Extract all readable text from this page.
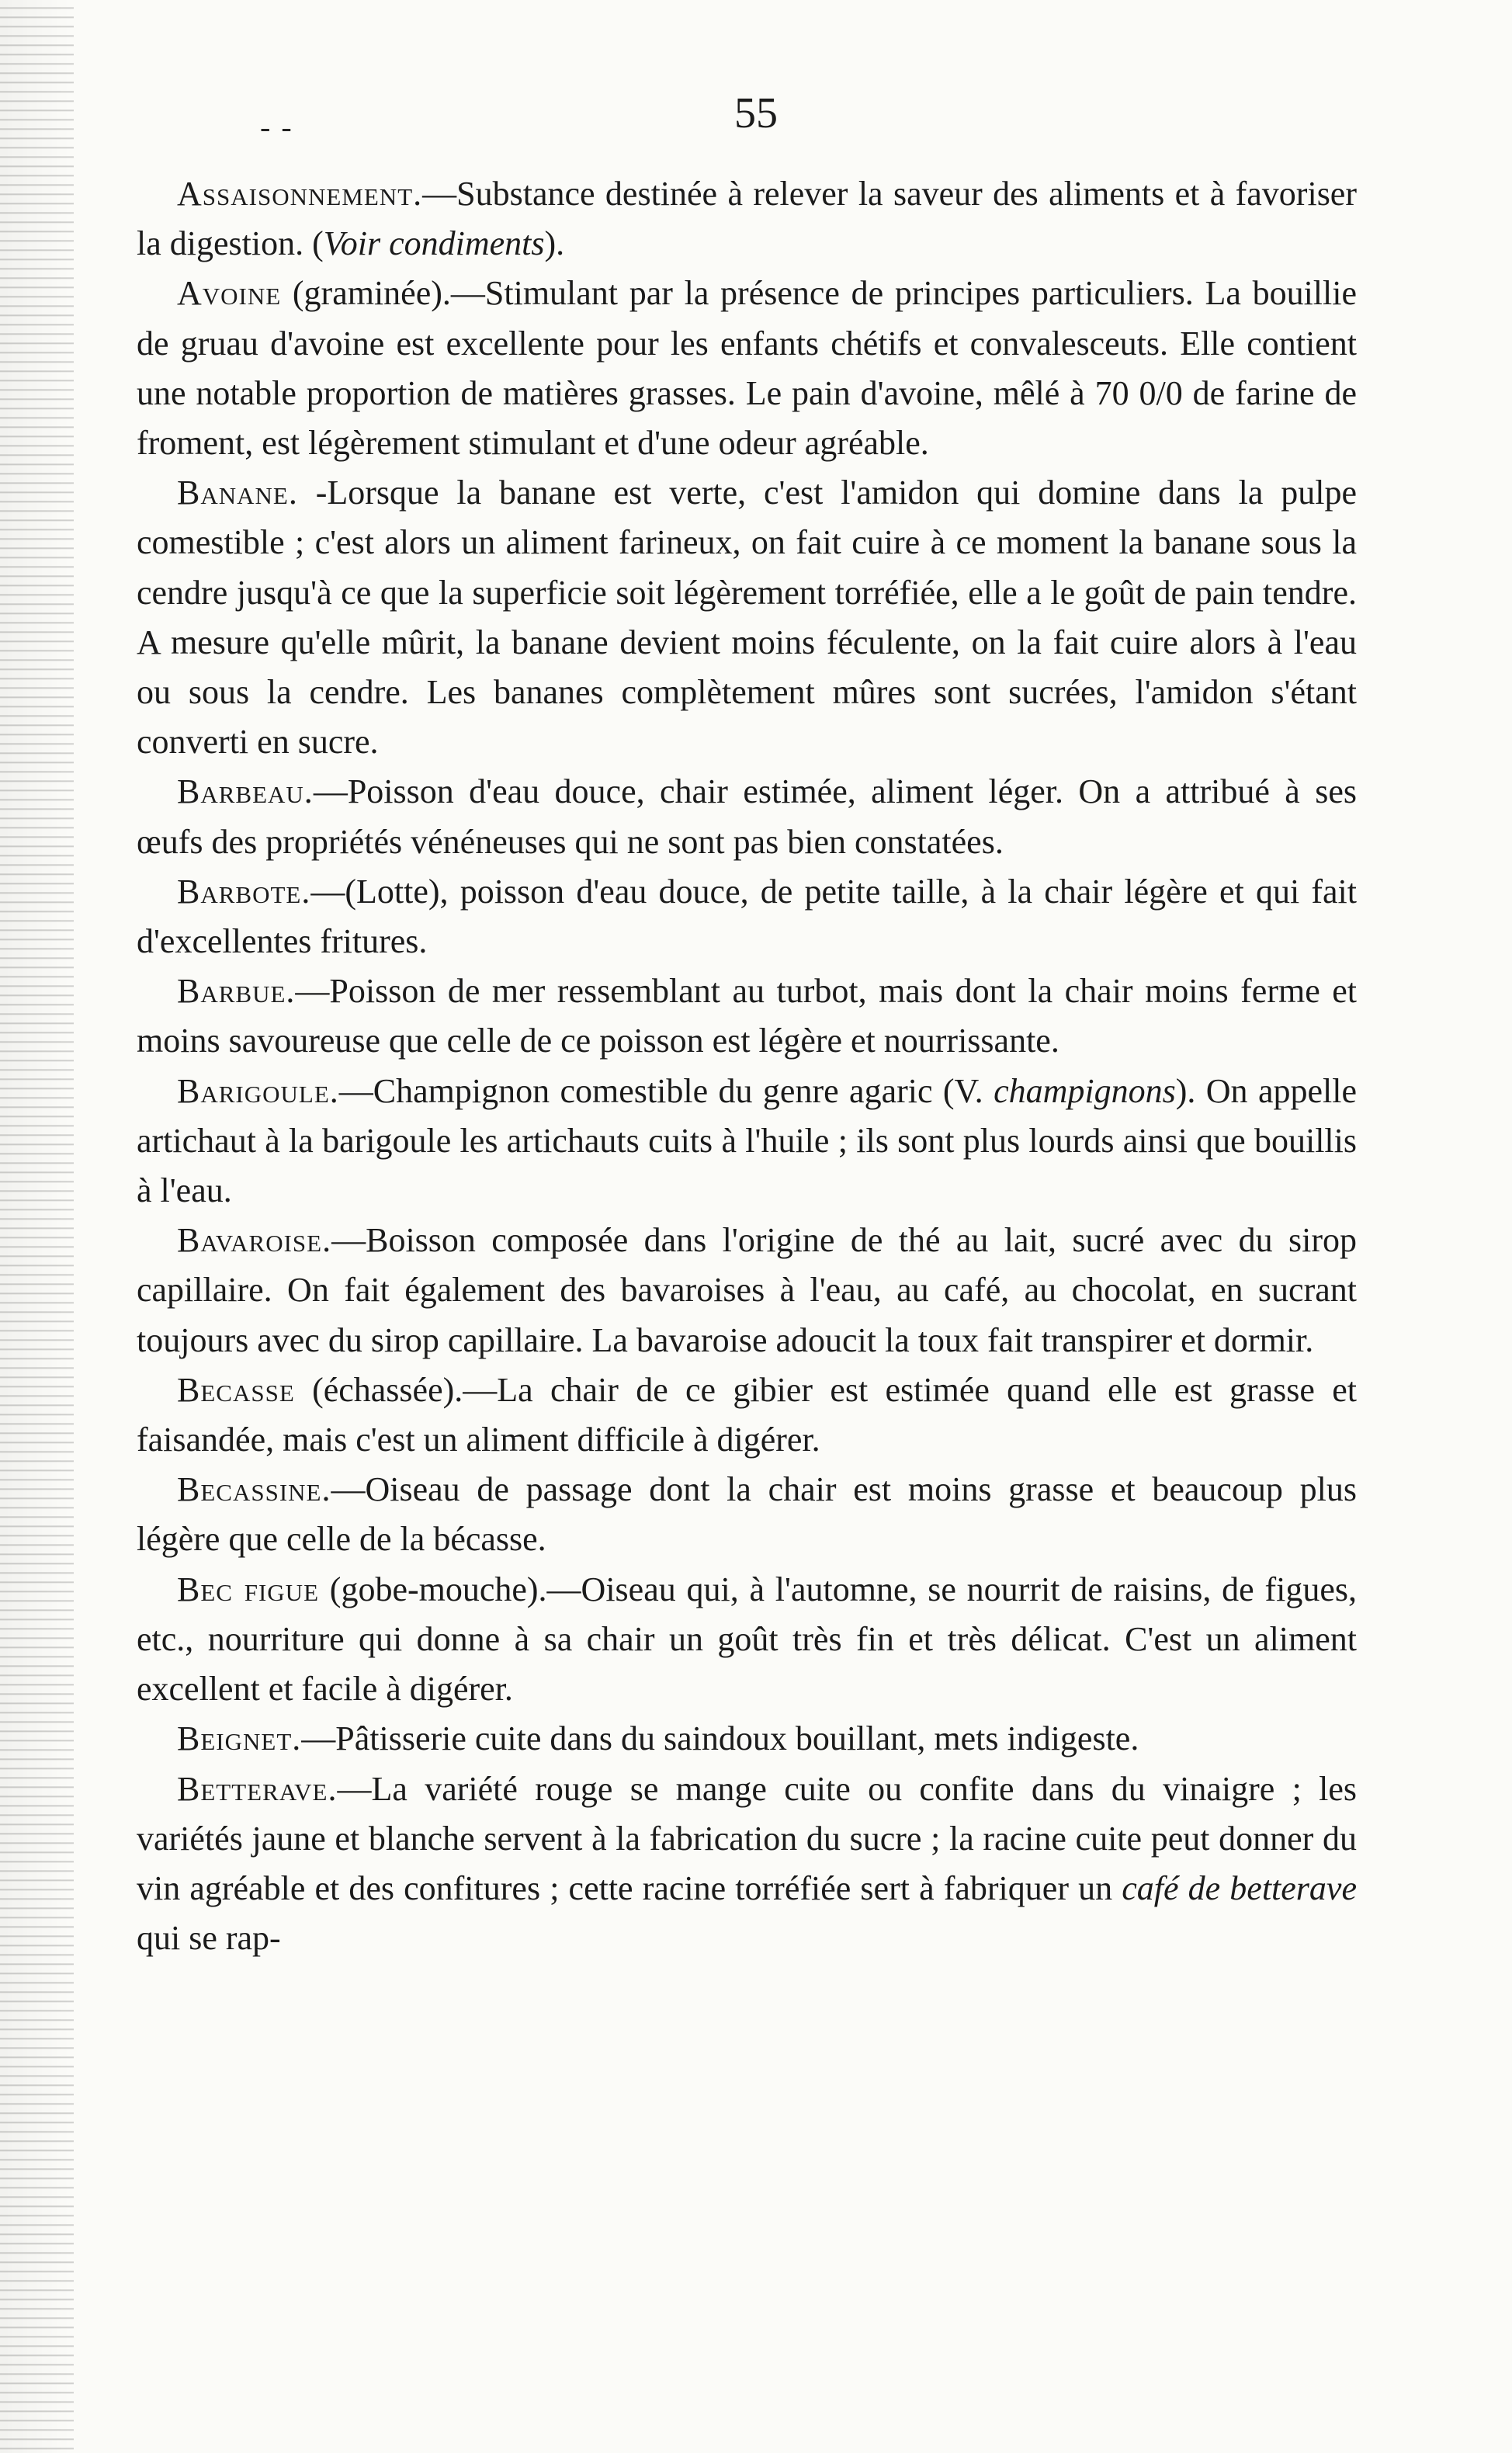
- -	55

Assaisonnement.—Substance destinée à relever la saveur des aliments et à favoriser la digestion. (Voir condiments).

Avoine (graminée).—Stimulant par la présence de principes particuliers. La bouillie de gruau d'avoine est excellente pour les enfants chétifs et convalesceuts. Elle contient une notable proportion de matières grasses. Le pain d'avoine, mêlé à 70 0/0 de farine de froment, est légèrement stimulant et d'une odeur agréable.

Banane. -Lorsque la banane est verte, c'est l'amidon qui domine dans la pulpe comestible ; c'est alors un aliment farineux, on fait cuire à ce moment la banane sous la cendre jusqu'à ce que la superficie soit légèrement torréfiée, elle a le goût de pain tendre. A mesure qu'elle mûrit, la banane devient moins féculente, on la fait cuire alors à l'eau ou sous la cendre. Les bananes complètement mûres sont sucrées, l'amidon s'étant converti en sucre.

Barbeau.—Poisson d'eau douce, chair estimée, aliment léger. On a attribué à ses œufs des propriétés vénéneuses qui ne sont pas bien constatées.

Barbote.—(Lotte), poisson d'eau douce, de petite taille, à la chair légère et qui fait d'excellentes fritures.

Barbue.—Poisson de mer ressemblant au turbot, mais dont la chair moins ferme et moins savoureuse que celle de ce poisson est légère et nourrissante.

Barigoule.—Champignon comestible du genre agaric (V. champignons). On appelle artichaut à la barigoule les artichauts cuits à l'huile ; ils sont plus lourds ainsi que bouillis à l'eau.

Bavaroise.—Boisson composée dans l'origine de thé au lait, sucré avec du sirop capillaire. On fait également des bavaroises à l'eau, au café, au chocolat, en sucrant toujours avec du sirop capillaire. La bavaroise adoucit la toux fait transpirer et dormir.

Becasse (échassée).—La chair de ce gibier est estimée quand elle est grasse et faisandée, mais c'est un aliment difficile à digérer.

Becassine.—Oiseau de passage dont la chair est moins grasse et beaucoup plus légère que celle de la bécasse.

Bec figue (gobe-mouche).—Oiseau qui, à l'automne, se nourrit de raisins, de figues, etc., nourriture qui donne à sa chair un goût très fin et très délicat. C'est un aliment excellent et facile à digérer.

Beignet.—Pâtisserie cuite dans du saindoux bouillant, mets indigeste.

Betterave.—La variété rouge se mange cuite ou confite dans du vinaigre ; les variétés jaune et blanche servent à la fabrication du sucre ; la racine cuite peut donner du vin agréable et des confitures ; cette racine torréfiée sert à fabriquer un café de betterave qui se rap-
